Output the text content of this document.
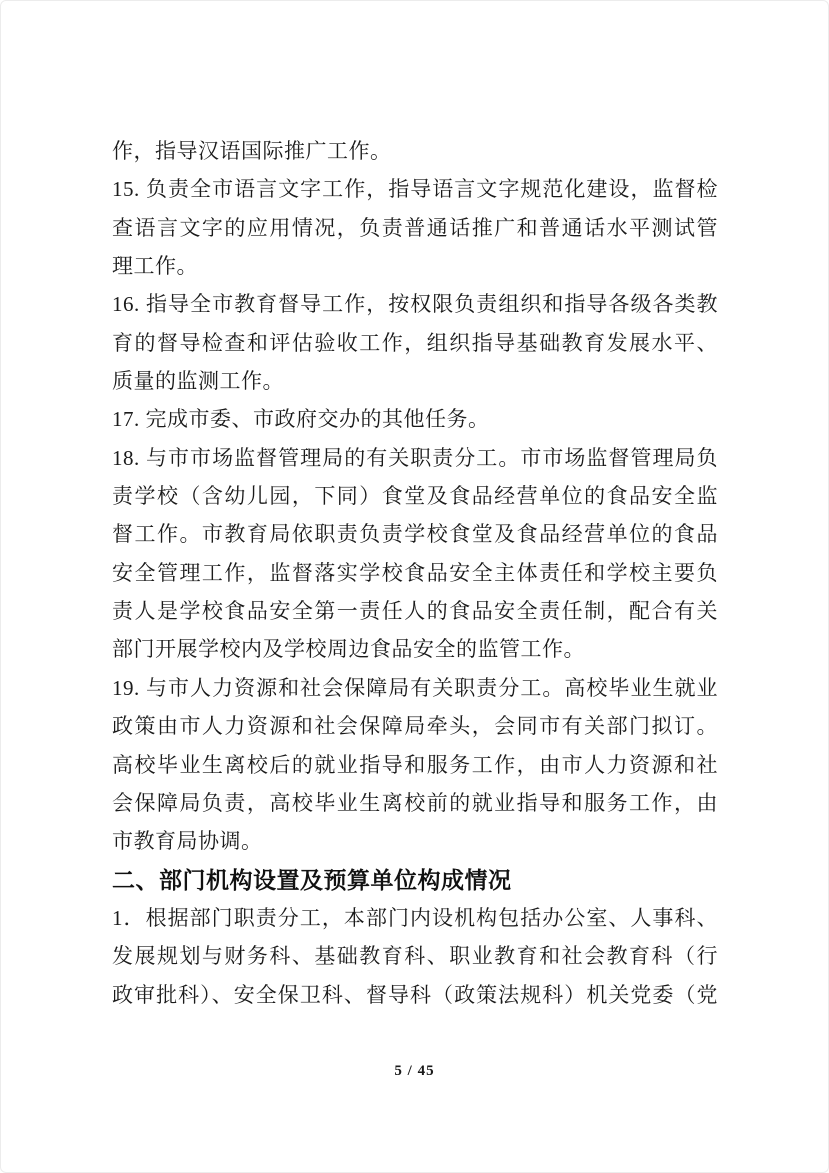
作，指导汉语国际推广工作。
15. 负责全市语言文字工作，指导语言文字规范化建设，监督检
查语言文字的应用情况，负责普通话推广和普通话水平测试管
理工作。
16. 指导全市教育督导工作，按权限负责组织和指导各级各类教
育的督导检查和评估验收工作，组织指导基础教育发展水平、
质量的监测工作。
17. 完成市委、市政府交办的其他任务。
18. 与市市场监督管理局的有关职责分工。市市场监督管理局负
责学校（含幼儿园，下同）食堂及食品经营单位的食品安全监
督工作。市教育局依职责负责学校食堂及食品经营单位的食品
安全管理工作，监督落实学校食品安全主体责任和学校主要负
责人是学校食品安全第一责任人的食品安全责任制，配合有关
部门开展学校内及学校周边食品安全的监管工作。
19. 与市人力资源和社会保障局有关职责分工。高校毕业生就业
政策由市人力资源和社会保障局牵头，会同市有关部门拟订。
高校毕业生离校后的就业指导和服务工作，由市人力资源和社
会保障局负责，高校毕业生离校前的就业指导和服务工作，由
市教育局协调。
二、部门机构设置及预算单位构成情况
1．根据部门职责分工，本部门内设机构包括办公室、人事科、
发展规划与财务科、基础教育科、职业教育和社会教育科（行
政审批科）、安全保卫科、督导科（政策法规科）机关党委（党
5 / 45
